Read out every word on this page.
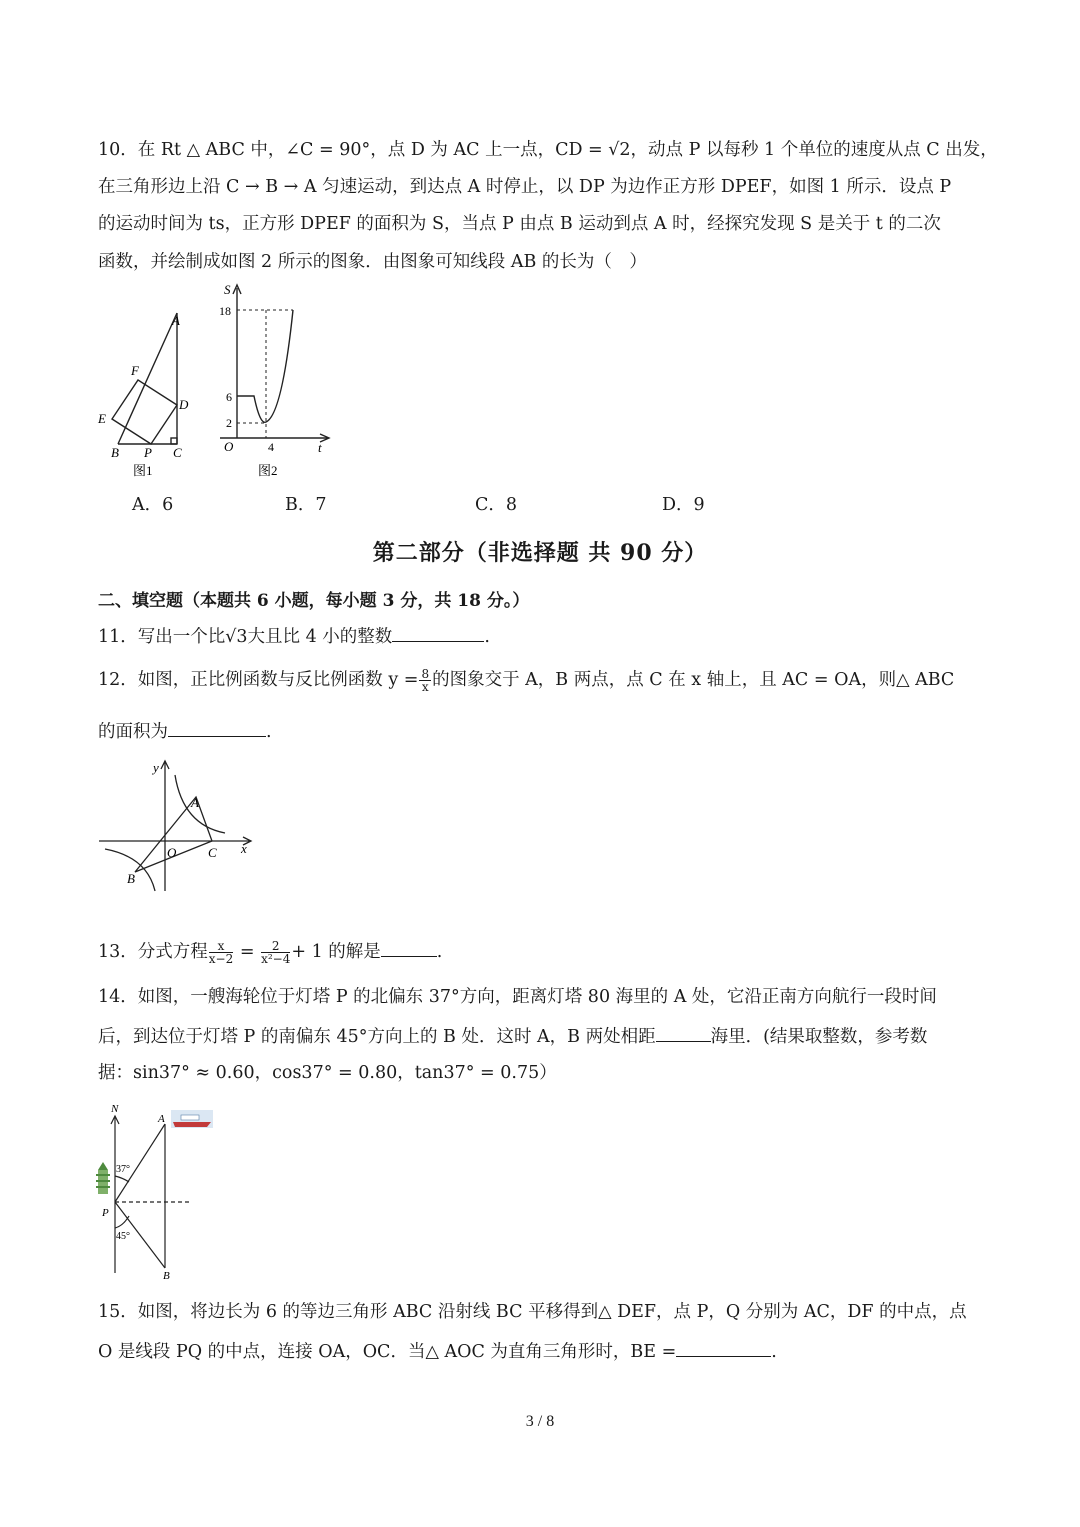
10．在 Rt △ ABC 中，∠C = 90°，点 D 为 AC 上一点，CD = √2，动点 P 以每秒 1 个单位的速度从点 C 出发，
在三角形边上沿 C → B → A 匀速运动，到达点 A 时停止，以 DP 为边作正方形 DPEF，如图 1 所示．设点 P
的运动时间为 ts，正方形 DPEF 的面积为 S，当点 P 由点 B 运动到点 A 时，经探究发现 S 是关于 t 的二次
函数，并绘制成如图 2 所示的图象．由图象可知线段 AB 的长为（　）
A
D
F
E
B P C
图1
S
t
O
18
6
2
4
图2
A．6	B．7	C．8	D．9
第二部分（非选择题 共 90 分）
二、填空题（本题共 6 小题，每小题 3 分，共 18 分。）
11．写出一个比√3大且比 4 小的整数	.
12．如图，正比例函数与反比例函数 $y = \frac{8}{x}$ 的图象交于 A，B 两点，点 C 在 x 轴上，且 AC = OA，则△ ABC
的面积为	.
y
x
A
C
O
B
13．分式方程 $\frac{x}{x-2} = \frac{2}{\text{x²−4}} + 1$ 的解是	.
14．如图，一艘海轮位于灯塔 P 的北偏东 37°方向，距离灯塔 80 海里的 A 处，它沿正南方向航行一段时间
后，到达位于灯塔 P 的南偏东 45°方向上的 B 处．这时 A，B 两处相距	海里．(结果取整数，参考数
据：sin37° ≈ 0.60，cos37° = 0.80，tan37° = 0.75）
N
A
P
B
37°
45°
15．如图，将边长为 6 的等边三角形 ABC 沿射线 BC 平移得到△ DEF，点 P，Q 分别为 AC，DF 的中点，点
O 是线段 PQ 的中点，连接 OA，OC．当△ AOC 为直角三角形时，BE =	.
3 / 8
